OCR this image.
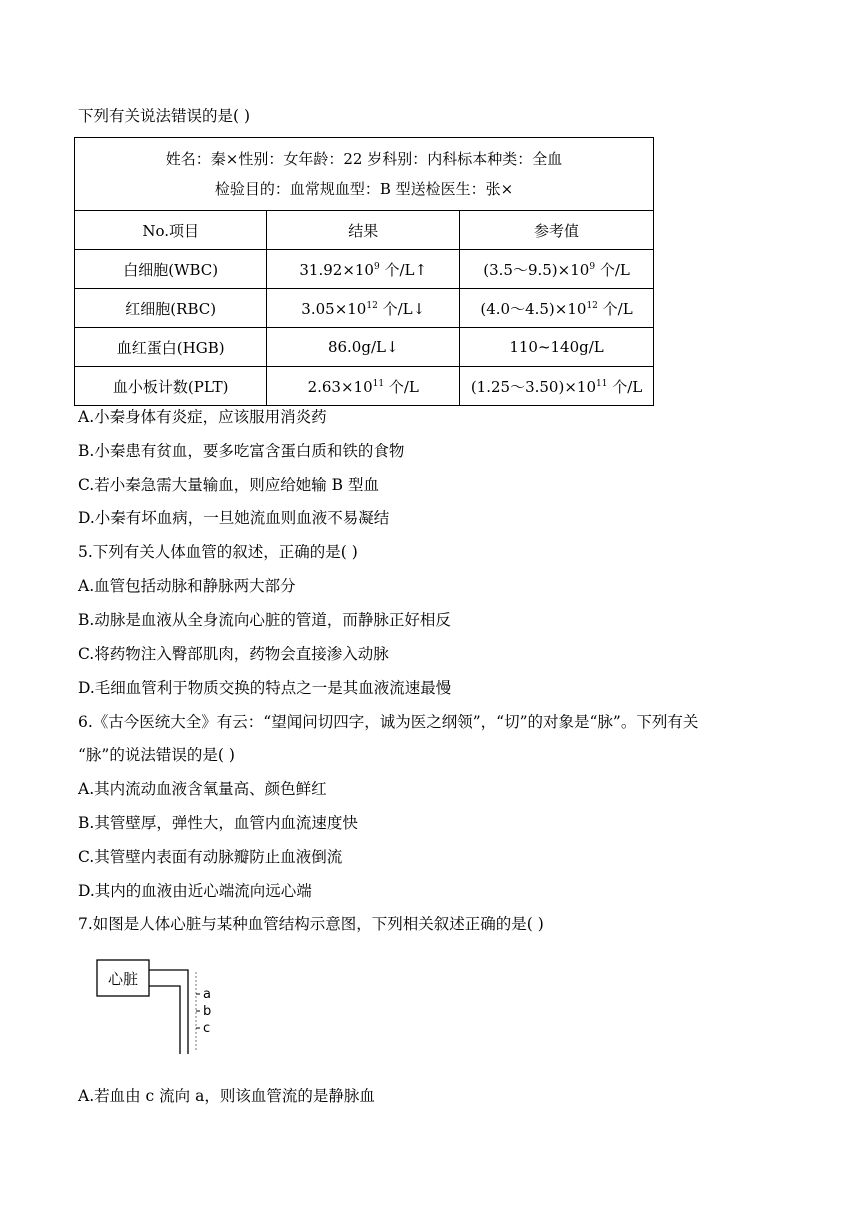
下列有关说法错误的是( )
姓名：秦×性别：女年龄：22 岁科别：内科标本种类：全血
检验目的：血常规血型：B 型送检医生：张×		

No.项目	结果	参考值
白细胞(WBC)	$31.92\times 10^9$ 个/L↑	$(3.5\sim 9.5)\times 10^9$ 个/L
红细胞(RBC)	$3.05\times 10^{12}$ 个/L↓	$(4.0\sim 4.5)\times 10^{12}$ 个/L
血红蛋白(HGB)	86.0g/L↓	110~140g/L
血小板计数(PLT)	$2.63\times 10^{11}$ 个/L	$(1.25\sim 3.50)\times 10^{11}$ 个/L
A.小秦身体有炎症，应该服用消炎药
B.小秦患有贫血，要多吃富含蛋白质和铁的食物
C.若小秦急需大量输血，则应给她输 B 型血
D.小秦有坏血病，一旦她流血则血液不易凝结
5.下列有关人体血管的叙述，正确的是( )
A.血管包括动脉和静脉两大部分
B.动脉是血液从全身流向心脏的管道，而静脉正好相反
C.将药物注入臀部肌肉，药物会直接渗入动脉
D.毛细血管利于物质交换的特点之一是其血液流速最慢
6.《古今医统大全》有云：“望闻问切四字，诚为医之纲领”，“切”的对象是“脉”。下列有关
“脉”的说法错误的是( )
A.其内流动血液含氧量高、颜色鲜红
B.其管壁厚，弹性大，血管内血流速度快
C.其管壁内表面有动脉瓣防止血液倒流
D.其内的血液由近心端流向远心端
7.如图是人体心脏与某种血管结构示意图，下列相关叙述正确的是( )
心脏
a
b
c
A.若血由 c 流向 a，则该血管流的是静脉血
